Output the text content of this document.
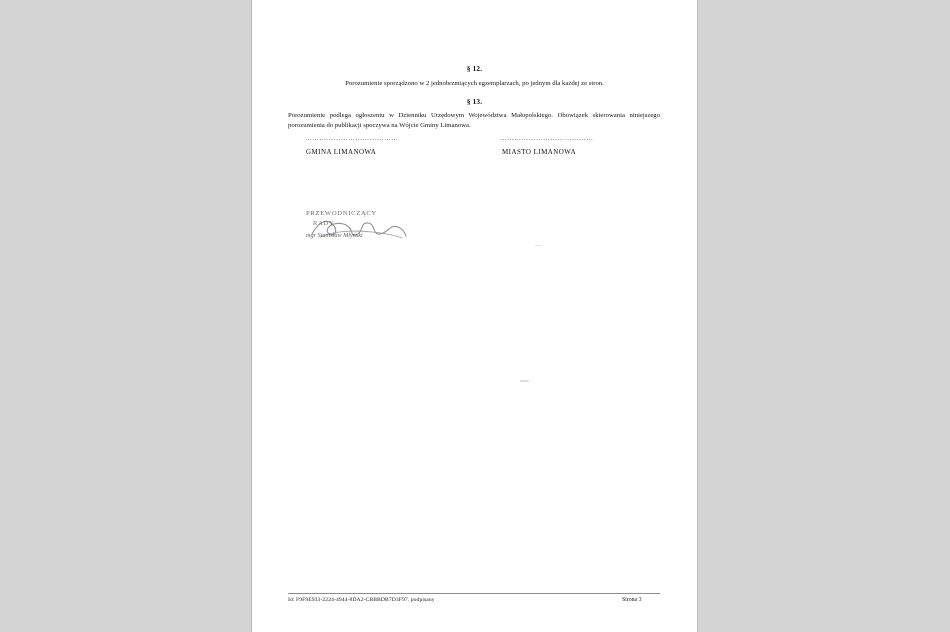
§ 12.
Porozumienie sporządzono w 2 jednobrzmiących egzemplarzach, po jednym dla każdej ze stron.
§ 13.
Porozumienie podlega ogłoszeniu w Dzienniku Urzędowym Województwa Małopolskiego. Obowiązek skierowania niniejszego porozumienia do publikacji spoczywa na Wójcie Gminy Limanowa.
…………………………………	…………………………………
GMINA LIMANOWA	MIASTO LIMANOWA
PRZEWODNICZĄCY
RADY
mgr Stanisław Młyński
Id: F9F9E933-2224-4944-8DA2-CBBBDB7D3F97. podpisany	Strona 3
